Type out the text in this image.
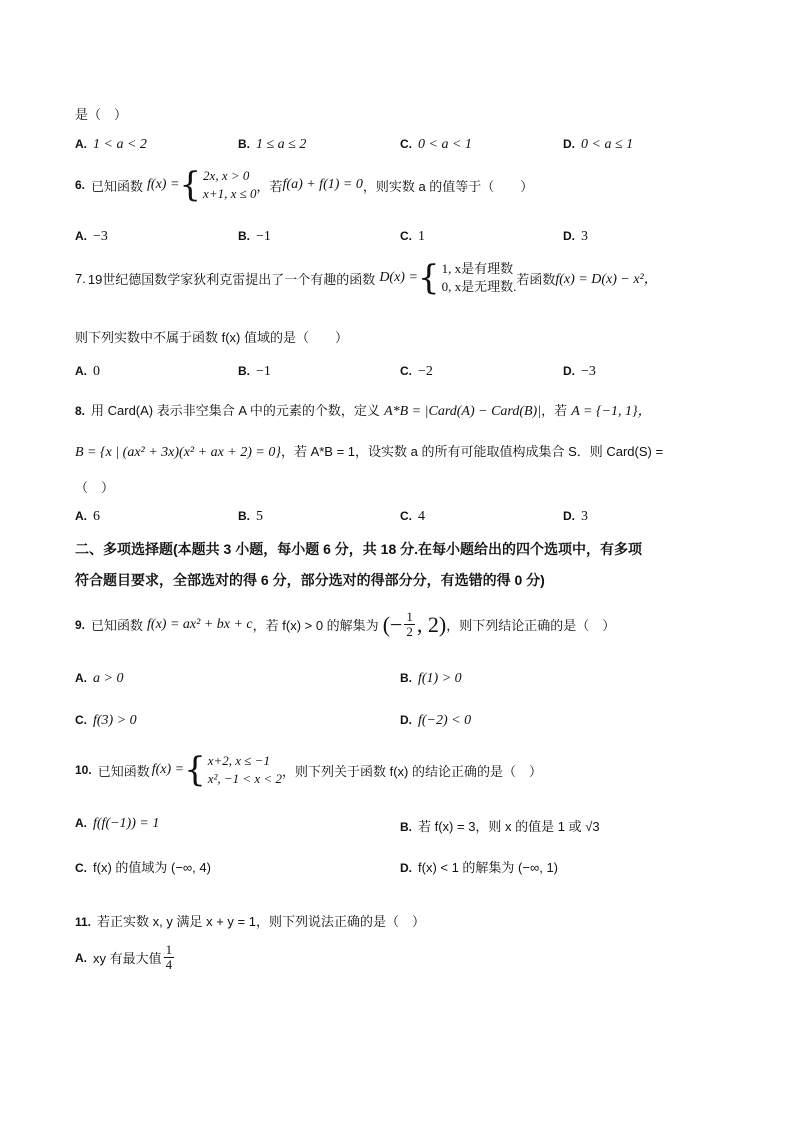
是（　）
A. 1 < a < 2	B. 1 ≤ a ≤ 2	C. 0 < a < 1	D. 0 < a ≤ 1
6. 已知函数 f(x) = { 2x, x > 0
x+1, x ≤ 0 ，若 f(a) + f(1) = 0 ，则实数 a 的值等于（　　）
A. −3	B. −1	C. 1	D. 3
7. 19世纪德国数学家狄利克雷提出了一个有趣的函数 D(x) = { 1, x是有理数
0, x是无理数. 若函数 f(x) = D(x) − x²，
则下列实数中不属于函数 f(x) 值域的是（　　）
A. 0	B. −1	C. −2	D. −3
8. 用 Card(A) 表示非空集合 A 中的元素的个数，定义 A*B = |Card(A) − Card(B)|，若 A = {−1, 1}，
B = {x | (ax² + 3x)(x² + ax + 2) = 0}，若 A*B = 1，设实数 a 的所有可能取值构成集合 S．则 Card(S) =
（　）
A. 6	B. 5	C. 4	D. 3
二、多项选择题(本题共 3 小题，每小题 6 分，共 18 分.在每小题给出的四个选项中，有多项
符合题目要求，全部选对的得 6 分，部分选对的得部分分，有选错的得 0 分)
9. 已知函数 f(x) = ax² + bx + c ，若 f(x) > 0 的解集为 (− $\frac{1}{2}$ , 2) ，则下列结论正确的是（　）
A. a > 0	B. f(1) > 0
C. f(3) > 0	D. f(−2) < 0
10. 已知函数 f(x) = { x+2, x ≤ −1
x², −1 < x < 2 ，则下列关于函数 f(x) 的结论正确的是（　）
A. f(f(−1)) = 1	B. 若 f(x) = 3，则 x 的值是 1 或 √3
C. f(x) 的值域为 (−∞, 4)	D. f(x) < 1 的解集为 (−∞, 1)
11. 若正实数 x, y 满足 x + y = 1，则下列说法正确的是（　）
A. xy 有最大值 $\frac{1}{4}$
